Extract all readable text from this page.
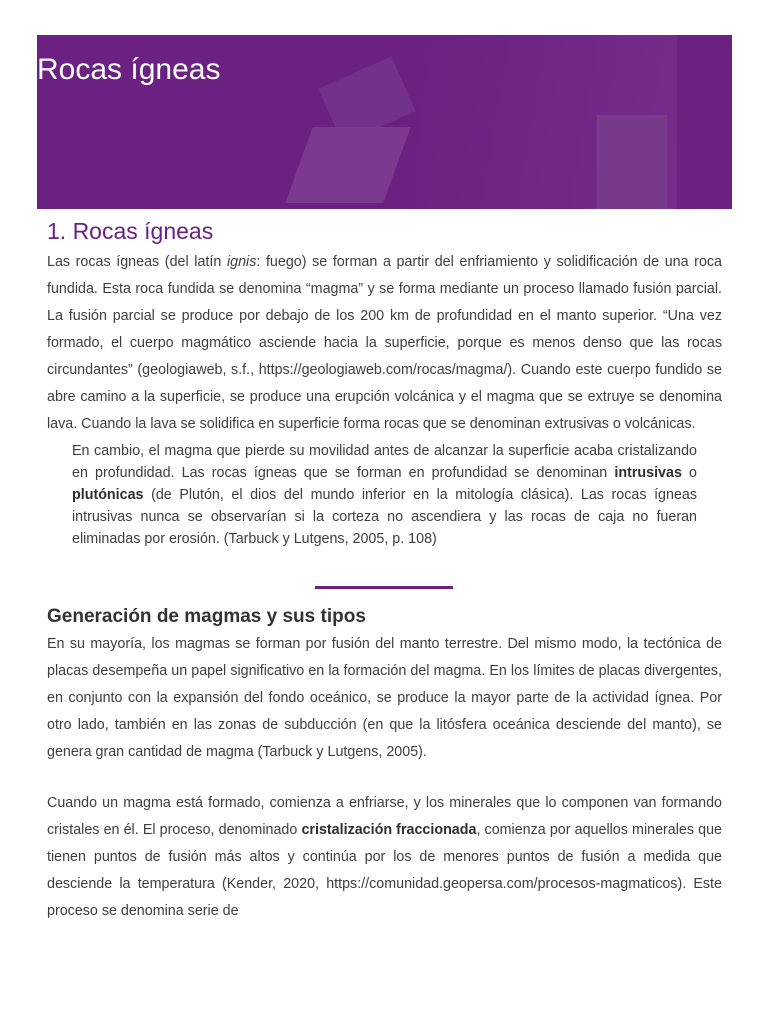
Rocas ígneas
1. Rocas ígneas

Las rocas ígneas (del latín ignis: fuego) se forman a partir del enfriamiento y solidificación de una roca fundida. Esta roca fundida se denomina “magma” y se forma mediante un proceso llamado fusión parcial. La fusión parcial se produce por debajo de los 200 km de profundidad en el manto superior. “Una vez formado, el cuerpo magmático asciende hacia la superficie, porque es menos denso que las rocas circundantes” (geologiaweb, s.f., https://geologiaweb.com/rocas/magma/). Cuando este cuerpo fundido se abre camino a la superficie, se produce una erupción volcánica y el magma que se extruye se denomina lava. Cuando la lava se solidifica en superficie forma rocas que se denominan extrusivas o volcánicas.

En cambio, el magma que pierde su movilidad antes de alcanzar la superficie acaba cristalizando en profundidad. Las rocas ígneas que se forman en profundidad se denominan intrusivas o plutónicas (de Plutón, el dios del mundo inferior en la mitología clásica). Las rocas ígneas intrusivas nunca se observarían si la corteza no ascendiera y las rocas de caja no fueran eliminadas por erosión. (Tarbuck y Lutgens, 2005, p. 108)
Generación de magmas y sus tipos

En su mayoría, los magmas se forman por fusión del manto terrestre. Del mismo modo, la tectónica de placas desempeña un papel significativo en la formación del magma. En los límites de placas divergentes, en conjunto con la expansión del fondo oceánico, se produce la mayor parte de la actividad ígnea. Por otro lado, también en las zonas de subducción (en que la litósfera oceánica desciende del manto), se genera gran cantidad de magma (Tarbuck y Lutgens, 2005).

Cuando un magma está formado, comienza a enfriarse, y los minerales que lo componen van formando cristales en él. El proceso, denominado cristalización fraccionada, comienza por aquellos minerales que tienen puntos de fusión más altos y continúa por los de menores puntos de fusión a medida que desciende la temperatura (Kender, 2020, https://comunidad.geopersa.com/procesos-magmaticos). Este proceso se denomina serie de
